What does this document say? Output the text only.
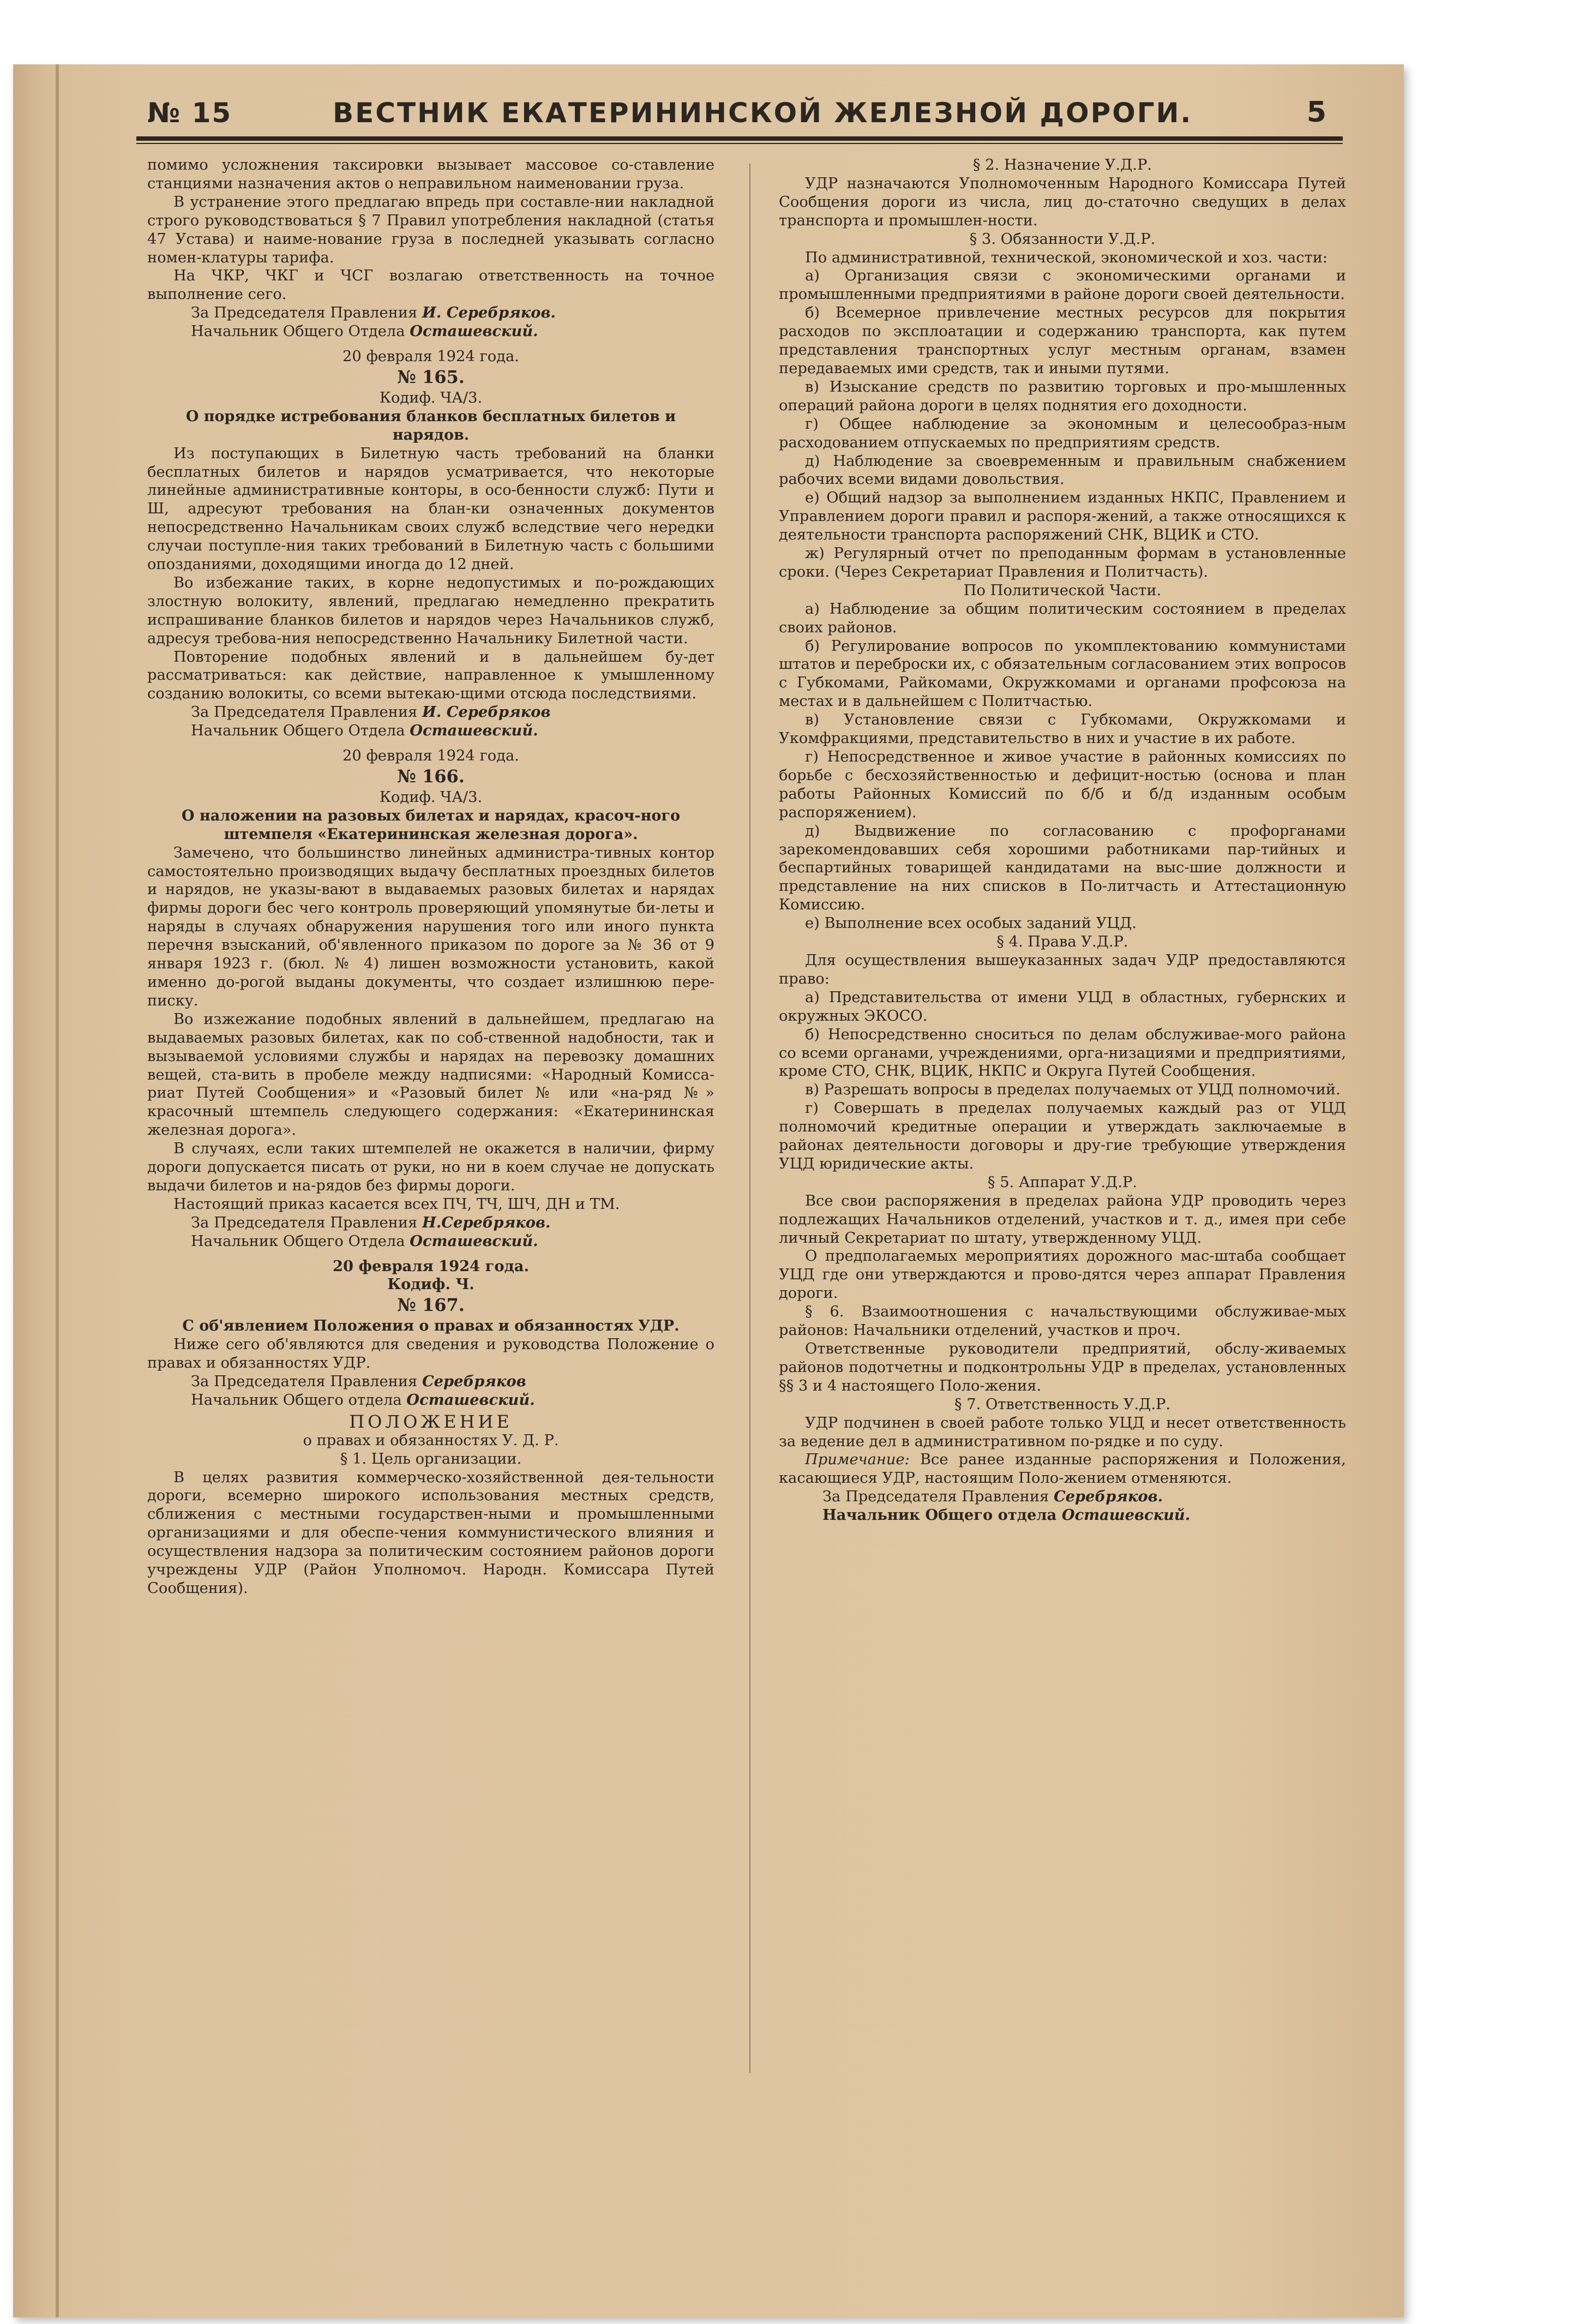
№ 15	ВЕСТНИК ЕКАТЕРИНИНСКОЙ ЖЕЛЕЗНОЙ ДОРОГИ.	5

помимо усложнения таксировки вызывает массовое со-ставление станциями назначения актов о неправильном наименовании груза.

В устранение этого предлагаю впредь при составле-нии накладной строго руководствоваться § 7 Правил употребления накладной (статья 47 Устава) и наиме-нование груза в последней указывать согласно номен-клатуры тарифа.

На ЧКР, ЧКГ и ЧСГ возлагаю ответственность на точное выполнение сего.

За Председателя Правления И. Серебряков.

Начальник Общего Отдела Осташевский.

20 февраля 1924 года.

№ 165.

Кодиф. ЧА/3.

О порядке истребования бланков бесплатных билетов и нарядов.

Из поступающих в Билетную часть требований на бланки бесплатных билетов и нарядов усматривается, что некоторые линейные административные конторы, в осо-бенности служб: Пути и Ш, адресуют требования на блан-ки означенных документов непосредственно Начальникам своих служб вследствие чего нередки случаи поступле-ния таких требований в Билетную часть с большими опозданиями, доходящими иногда до 12 дней.

Во избежание таких, в корне недопустимых и по-рождающих злостную волокиту, явлений, предлагаю немедленно прекратить испрашивание бланков билетов и нарядов через Начальников служб, адресуя требова-ния непосредственно Начальнику Билетной части.

Повторение подобных явлений и в дальнейшем бу-дет рассматриваться: как действие, направленное к умышленному созданию волокиты, со всеми вытекаю-щими отсюда последствиями.

За Председателя Правления И. Серебряков

Начальник Общего Отдела Осташевский.

20 февраля 1924 года.

№ 166.

Кодиф. ЧА/3.

О наложении на разовых билетах и нарядах, красоч-ного штемпеля «Екатерининская железная дорога».

Замечено, что большинство линейных администра-тивных контор самостоятельно производящих выдачу бесплатных проездных билетов и нарядов, не указы-вают в выдаваемых разовых билетах и нарядах фирмы дороги бес чего контроль проверяющий упомянутые би-леты и наряды в случаях обнаружения нарушения того или иного пункта перечня взысканий, об'явленного приказом по дороге за № 36 от 9 января 1923 г. (бюл. № 4) лишен возможности установить, какой именно до-рогой выданы документы, что создает излишнюю пере-писку.

Во изжежание подобных явлений в дальнейшем, предлагаю на выдаваемых разовых билетах, как по соб-ственной надобности, так и вызываемой условиями службы и нарядах на перевозку домашних вещей, ста-вить в пробеле между надписями: «Народный Комисса-риат Путей Сообщения» и «Разовый билет № или «на-ряд №» красочный штемпель следующего содержания: «Екатерининская железная дорога».

В случаях, если таких штемпелей не окажется в наличии, фирму дороги допускается писать от руки, но ни в коем случае не допускать выдачи билетов и на-рядов без фирмы дороги.

Настоящий приказ касается всех ПЧ, ТЧ, ШЧ, ДН и ТМ.

За Председателя Правления Н.Серебряков.

Начальник Общего Отдела Осташевский.

20 февраля 1924 года.

Кодиф. Ч.

№ 167.

С об'явлением Положения о правах и обязанностях УДР.

Ниже сего об'являются для сведения и руководства Положение о правах и обязанностях УДР.

За Председателя Правления Серебряков

Начальник Общего отдела Осташевский.

ПОЛОЖЕНИЕ

о правах и обязанностях У. Д. Р.

§ 1. Цель организации.

В целях развития коммерческо-хозяйственной дея-тельности дороги, всемерно широкого использования местных средств, сближения с местными государствен-ными и промышленными организациями и для обеспе-чения коммунистического влияния и осуществления надзора за политическим состоянием районов дороги учреждены УДР (Район Уполномоч. Народн. Комиссара Путей Сообщения).

§ 2. Назначение У.Д.Р.

УДР назначаются Уполномоченным Народного Комиссара Путей Сообщения дороги из числа, лиц до-статочно сведущих в делах транспорта и промышлен-ности.

§ 3. Обязанности У.Д.Р.

По административной, технической, экономической и хоз. части:

а) Организация связи с экономическими органами и промышленными предприятиями в районе дороги своей деятельности.

б) Всемерное привлечение местных ресурсов для покрытия расходов по эксплоатации и содержанию транспорта, как путем представления транспортных услуг местным органам, взамен передаваемых ими средств, так и иными путями.

в) Изыскание средств по развитию торговых и про-мышленных операций района дороги в целях поднятия его доходности.

г) Общее наблюдение за экономным и целесообраз-ным расходованием отпускаемых по предприятиям средств.

д) Наблюдение за своевременным и правильным снабжением рабочих всеми видами довольствия.

е) Общий надзор за выполнением изданных НКПС, Правлением и Управлением дороги правил и распоря-жений, а также относящихся к деятельности транспорта распоряжений СНК, ВЦИК и СТО.

ж) Регулярный отчет по преподанным формам в установленные сроки. (Через Секретариат Правления и Политчасть).

По Политической Части.

а) Наблюдение за общим политическим состоянием в пределах своих районов.

б) Регулирование вопросов по укомплектованию коммунистами штатов и переброски их, с обязательным согласованием этих вопросов с Губкомами, Райкомами, Окружкомами и органами профсоюза на местах и в дальнейшем с Политчастью.

в) Установление связи с Губкомами, Окружкомами и Укомфракциями, представительство в них и участие в их работе.

г) Непосредственное и живое участие в районных комиссиях по борьбе с бесхозяйственностью и дефицит-ностью (основа и план работы Районных Комиссий по б/б и б/д изданным особым распоряжением).

д) Выдвижение по согласованию с профорганами зарекомендовавших себя хорошими работниками пар-тийных и беспартийных товарищей кандидатами на выс-шие должности и представление на них списков в По-литчасть и Аттестационную Комиссию.

е) Выполнение всех особых заданий УЦД.

§ 4. Права У.Д.Р.

Для осуществления вышеуказанных задач УДР предоставляются право:

а) Представительства от имени УЦД в областных, губернских и окружных ЭКОСО.

б) Непосредственно сноситься по делам обслуживае-мого района со всеми органами, учреждениями, орга-низациями и предприятиями, кроме СТО, СНК, ВЦИК, НКПС и Округа Путей Сообщения.

в) Разрешать вопросы в пределах получаемых от УЦД полномочий.

г) Совершать в пределах получаемых каждый раз от УЦД полномочий кредитные операции и утверждать заключаемые в районах деятельности договоры и дру-гие требующие утверждения УЦД юридические акты.

§ 5. Аппарат У.Д.Р.

Все свои распоряжения в пределах района УДР проводить через подлежащих Начальников отделений, участков и т. д., имея при себе личный Секретариат по штату, утвержденному УЦД.

О предполагаемых мероприятиях дорожного мас-штаба сообщает УЦД где они утверждаются и прово-дятся через аппарат Правления дороги.

§ 6. Взаимоотношения с начальствующими обслуживае-мых районов: Начальники отделений, участков и проч.

Ответственные руководители предприятий, обслу-живаемых районов подотчетны и подконтрольны УДР в пределах, установленных §§ 3 и 4 настоящего Поло-жения.

§ 7. Ответственность У.Д.Р.

УДР подчинен в своей работе только УЦД и несет ответственность за ведение дел в административном по-рядке и по суду.

Примечание: Все ранее изданные распоряжения и Положения, касающиеся УДР, настоящим Поло-жением отменяются.

За Председателя Правления Серебряков.

Начальник Общего отдела Осташевский.
